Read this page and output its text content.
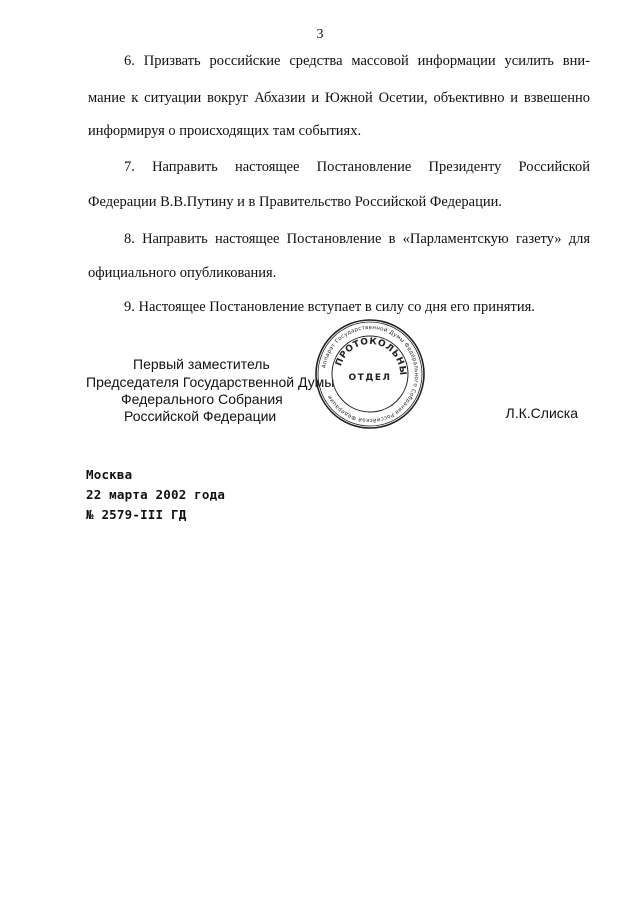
3
6. Призвать российские средства массовой информации усилить вни-
мание к ситуации вокруг Абхазии и Южной Осетии, объективно и взвешенно
информируя о происходящих там событиях.
7. Направить настоящее Постановление Президенту Российской
Федерации В.В.Путину и в Правительство Российской Федерации.
8. Направить настоящее Постановление в «Парламентскую газету» для
официального опубликования.
9. Настоящее Постановление вступает в силу со дня его принятия.
Первый заместитель
Председателя Государственной Думы
Федерального Собрания
Российской Федерации
Аппарат Государственной Думы Федерального Собрания Российской Федерации
ПРОТОКОЛЬНЫ
ОТДЕЛ
Л.К.Слиска
Москва
22 марта 2002 года
№ 2579-III ГД
